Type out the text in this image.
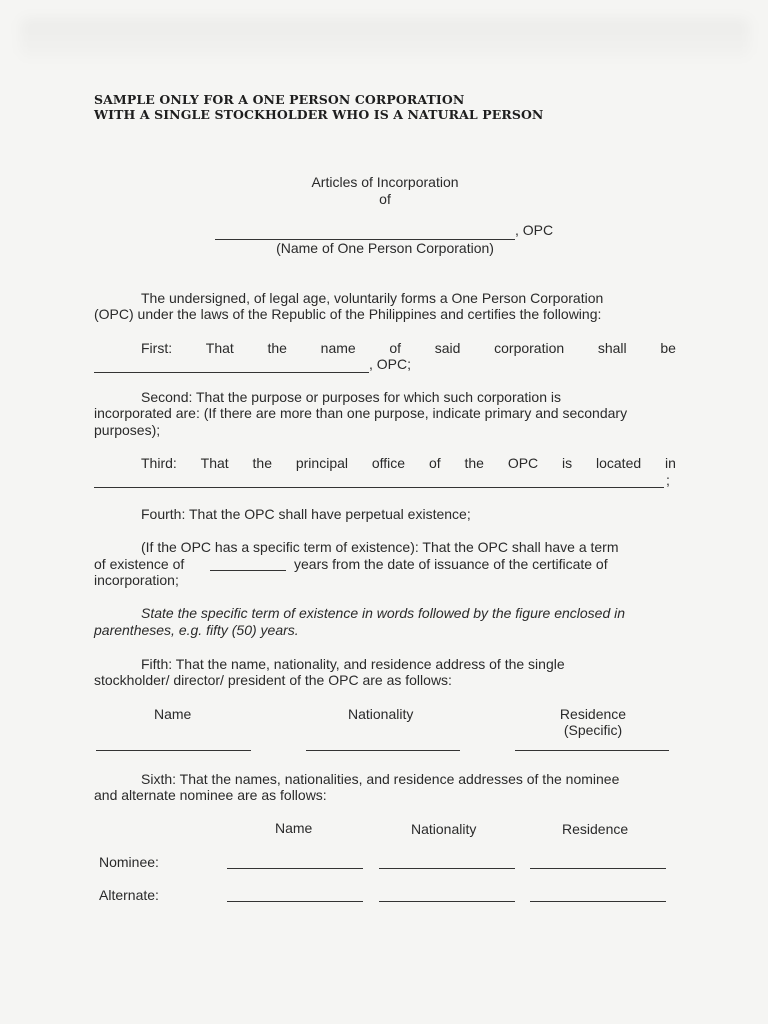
SAMPLE ONLY FOR A ONE PERSON CORPORATION
WITH A SINGLE STOCKHOLDER WHO IS A NATURAL PERSON
Articles of Incorporation
of
, OPC
(Name of One Person Corporation)
The undersigned, of legal age, voluntarily forms a One Person Corporation
(OPC) under the laws of the Republic of the Philippines and certifies the following:
First: That the name of said corporation shall be
, OPC;
Second: That the purpose or purposes for which such corporation is
incorporated are: (If there are more than one purpose, indicate primary and secondary
purposes);
Third: That the principal office of the OPC is located in
;
Fourth: That the OPC shall have perpetual existence;
(If the OPC has a specific term of existence): That the OPC shall have a term
of existence of	years from the date of issuance of the certificate of
incorporation;
State the specific term of existence in words followed by the figure enclosed in
parentheses, e.g. fifty (50) years.
Fifth: That the name, nationality, and residence address of the single
stockholder/ director/ president of the OPC are as follows:
Name	Nationality	Residence
(Specific)
Sixth: That the names, nationalities, and residence addresses of the nominee
and alternate nominee are as follows:
Name	Nationality	Residence
Nominee:
Alternate:
